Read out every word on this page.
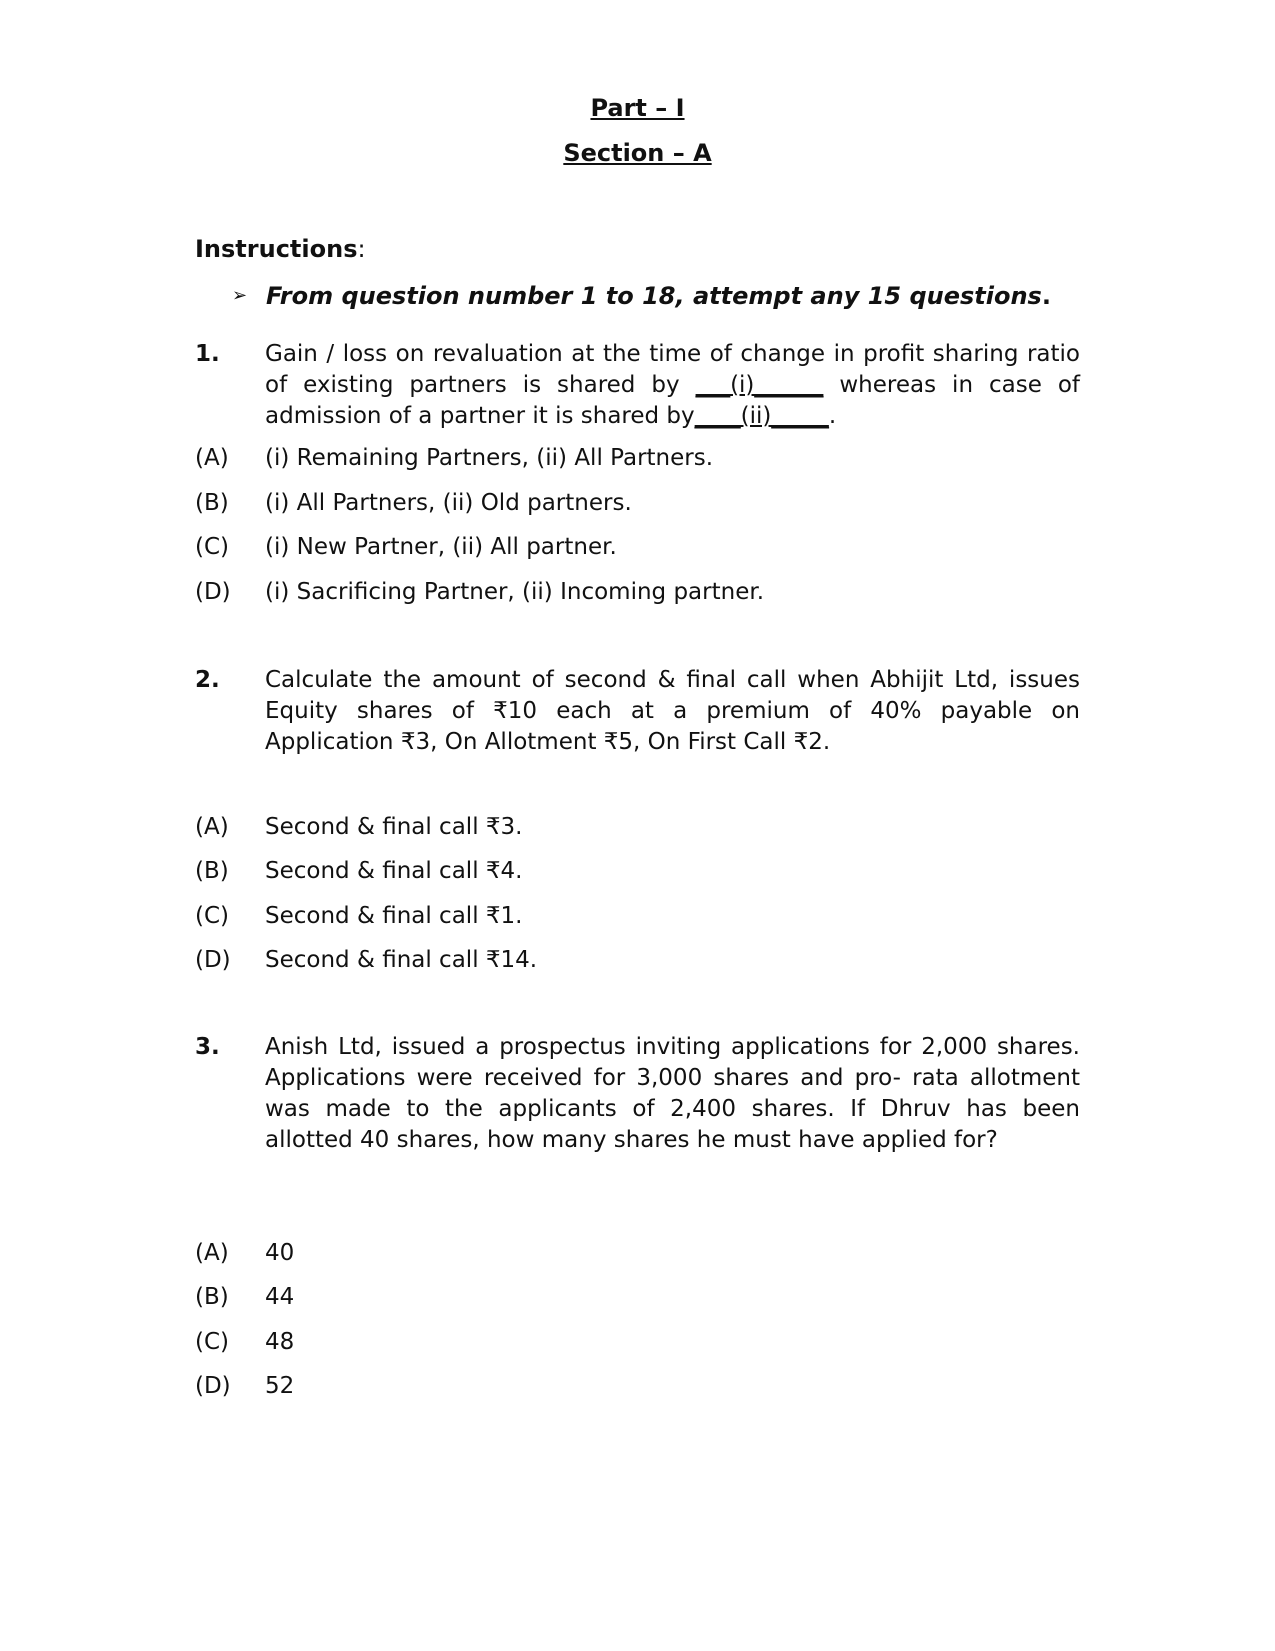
Part – I
Section – A
Instructions:
➢ From question number 1 to 18, attempt any 15 questions.
1. Gain / loss on revaluation at the time of change in profit sharing ratio of existing partners is shared by ___(i)______ whereas in case of admission of a partner it is shared by____(ii)_____.
(A)	(i) Remaining Partners, (ii) All Partners.
(B)	(i) All Partners, (ii) Old partners.
(C)	(i) New Partner, (ii) All partner.
(D)	(i) Sacrificing Partner, (ii) Incoming partner.
2. Calculate the amount of second & final call when Abhijit Ltd, issues Equity shares of ₹10 each at a premium of 40% payable on Application ₹3, On Allotment ₹5, On First Call ₹2.
(A)	Second & final call ₹3.
(B)	Second & final call ₹4.
(C)	Second & final call ₹1.
(D)	Second & final call ₹14.
3. Anish Ltd, issued a prospectus inviting applications for 2,000 shares. Applications were received for 3,000 shares and pro- rata allotment was made to the applicants of 2,400 shares. If Dhruv has been allotted 40 shares, how many shares he must have applied for?
(A)	40
(B)	44
(C)	48
(D)	52
